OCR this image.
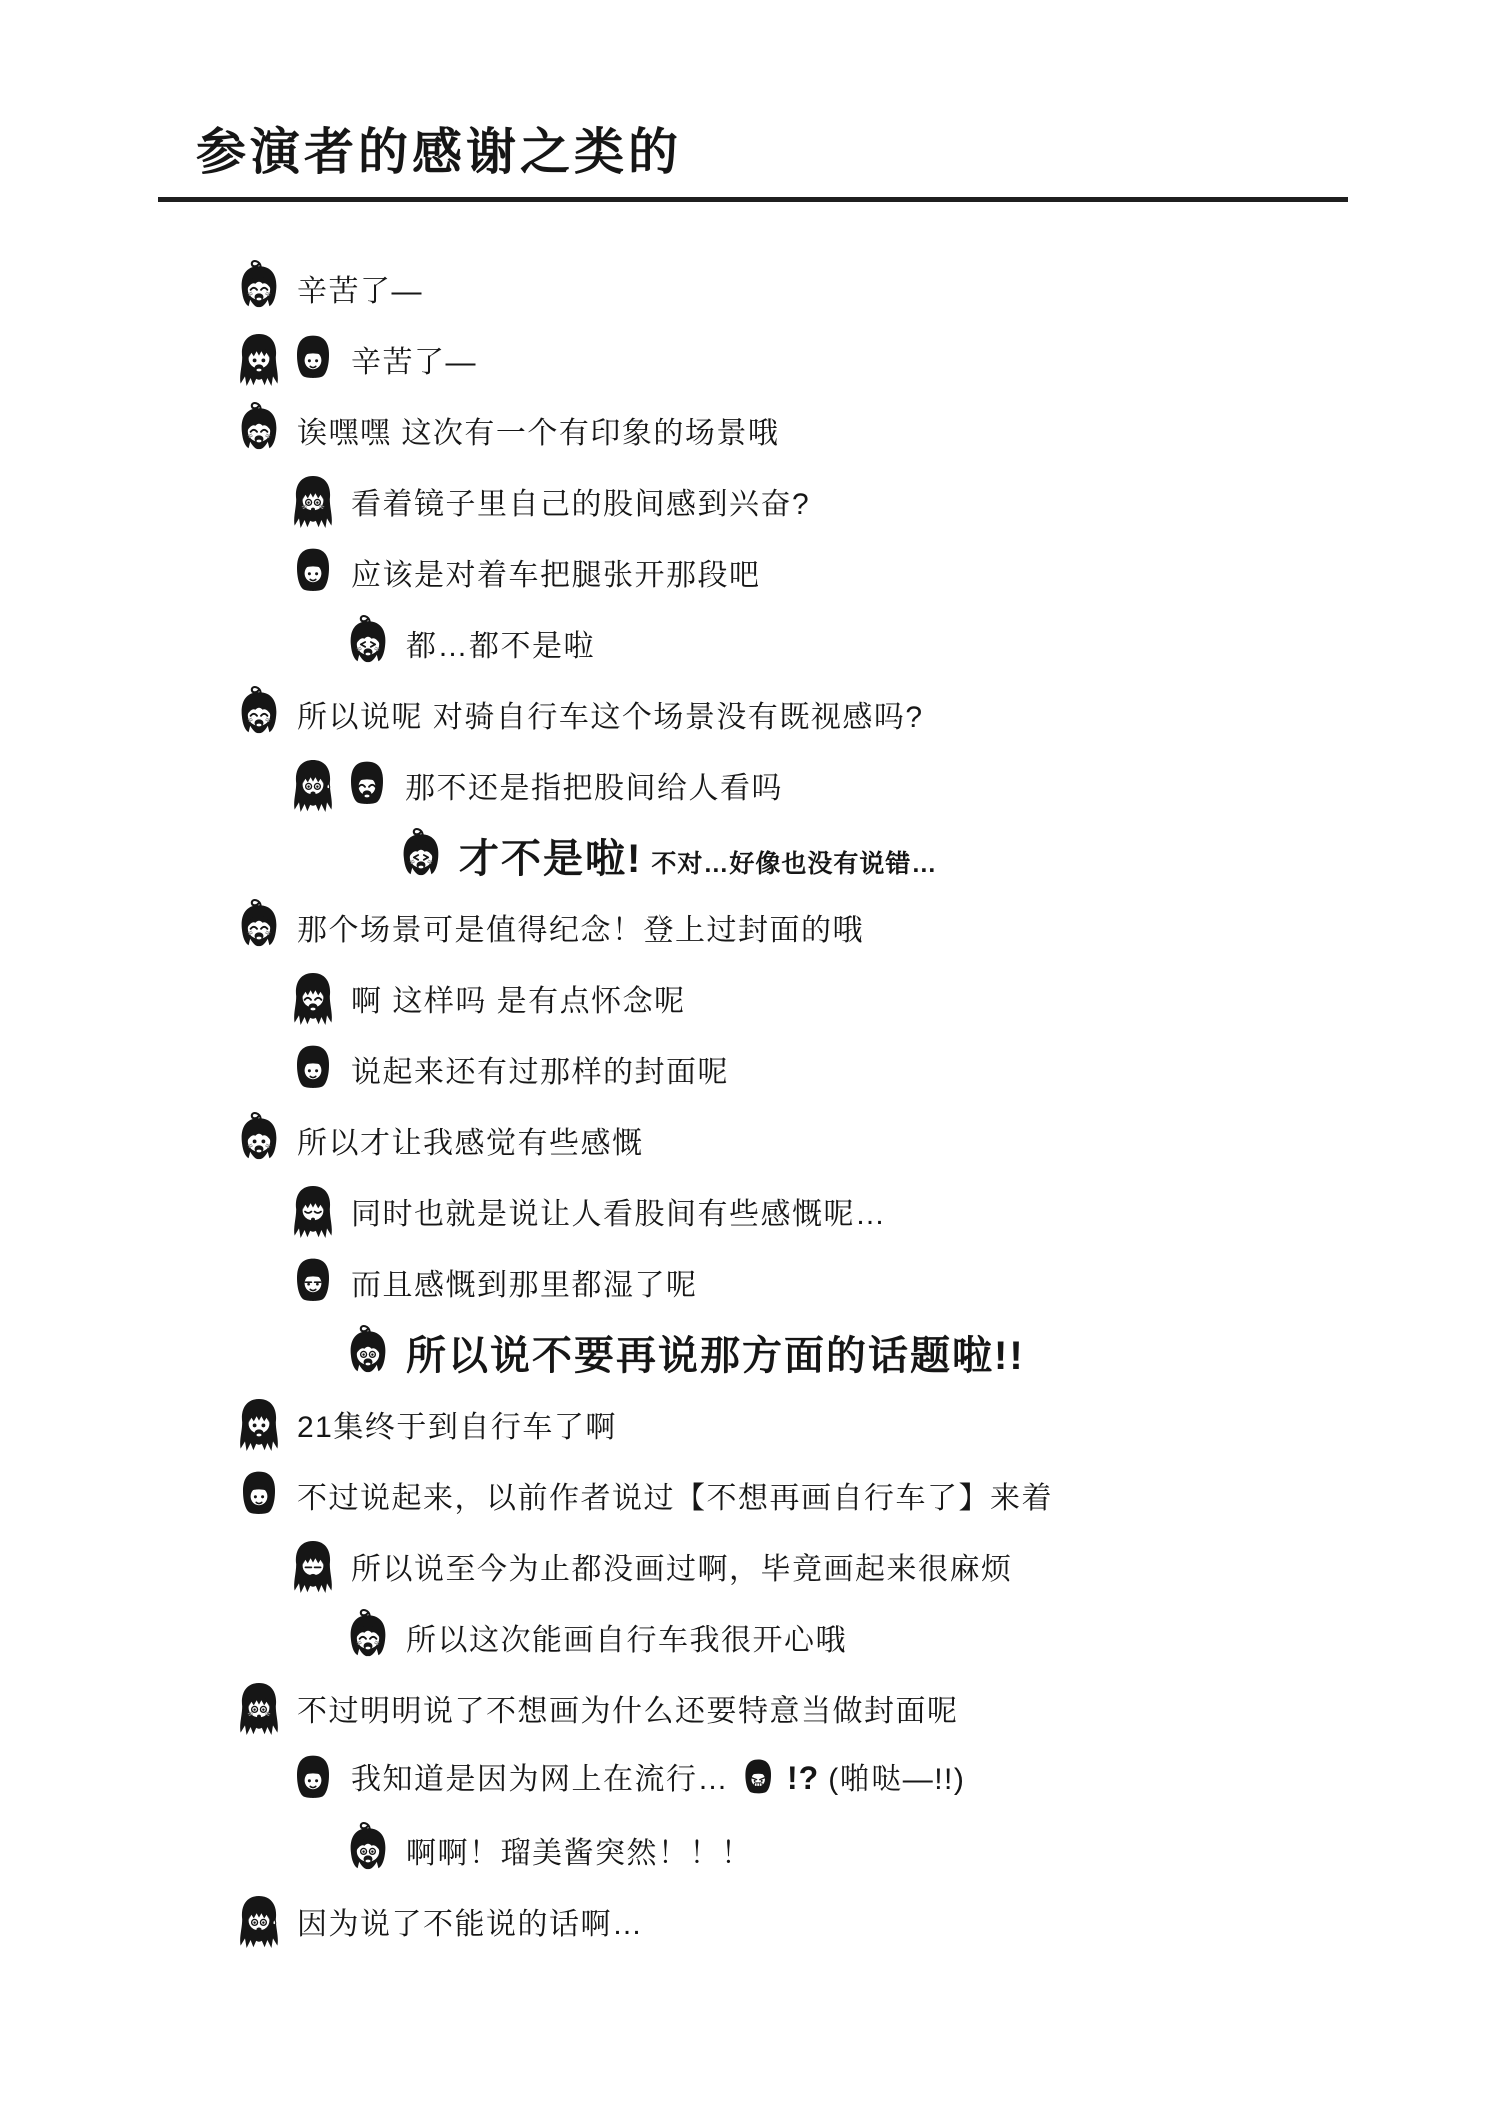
参演者的感谢之类的
辛苦了—
辛苦了—
诶嘿嘿 这次有一个有印象的场景哦
看着镜子里自己的股间感到兴奋?
应该是对着车把腿张开那段吧
都…都不是啦
所以说呢 对骑自行车这个场景没有既视感吗?
那不还是指把股间给人看吗
才不是啦! 不对…好像也没有说错…
那个场景可是值得纪念！登上过封面的哦
啊 这样吗 是有点怀念呢
说起来还有过那样的封面呢
所以才让我感觉有些感慨
同时也就是说让人看股间有些感慨呢…
而且感慨到那里都湿了呢
所以说不要再说那方面的话题啦!!
21集终于到自行车了啊
不过说起来，以前作者说过【不想再画自行车了】来着
所以说至今为止都没画过啊，毕竟画起来很麻烦
所以这次能画自行车我很开心哦
不过明明说了不想画为什么还要特意当做封面呢
我知道是因为网上在流行… !? (啪哒—!!)
啊啊！瑠美酱突然！！！
因为说了不能说的话啊…
